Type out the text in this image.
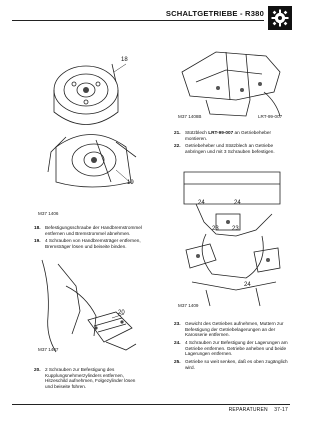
SCHALTGETRIEBE - R380
18
19
M37 1406
18. Befestigungsschraube der Handbremstrommel entfernen und Bremstrommel abnehmen.
19. 4 Schrauben von Handbremsträger entfernen, Bremsträger lösen und beiseite binden.
20
M37 1407
20. 2 Schrauben zur Befestigung des Kupplungsnehmerzylinders entfernen, Hitzeschild aufnehmen, Folgezylinder lösen und beiseite führen.
M37 1408B	LRT-99-007
21. Stützblech LRT-99-007 an Getriebeheber montieren.
22. Getriebeheber und Stützblech an Getriebe anbringen und mit 3 Schrauben befestigen.
24
23
24
23
24
M37 1409
23. Gewicht des Getriebes aufnehmen, Muttern zur Befestigung der Getriebelagerungen an der Karosserie entfernen.
24. 4 Schrauben zur Befestigung der Lagerungen am Getriebe entfernen. Getriebe anheben und beide Lagerungen entfernen.
25. Getriebe so weit senken, daß es oben zugänglich wird.
REPARATUREN 37-17
